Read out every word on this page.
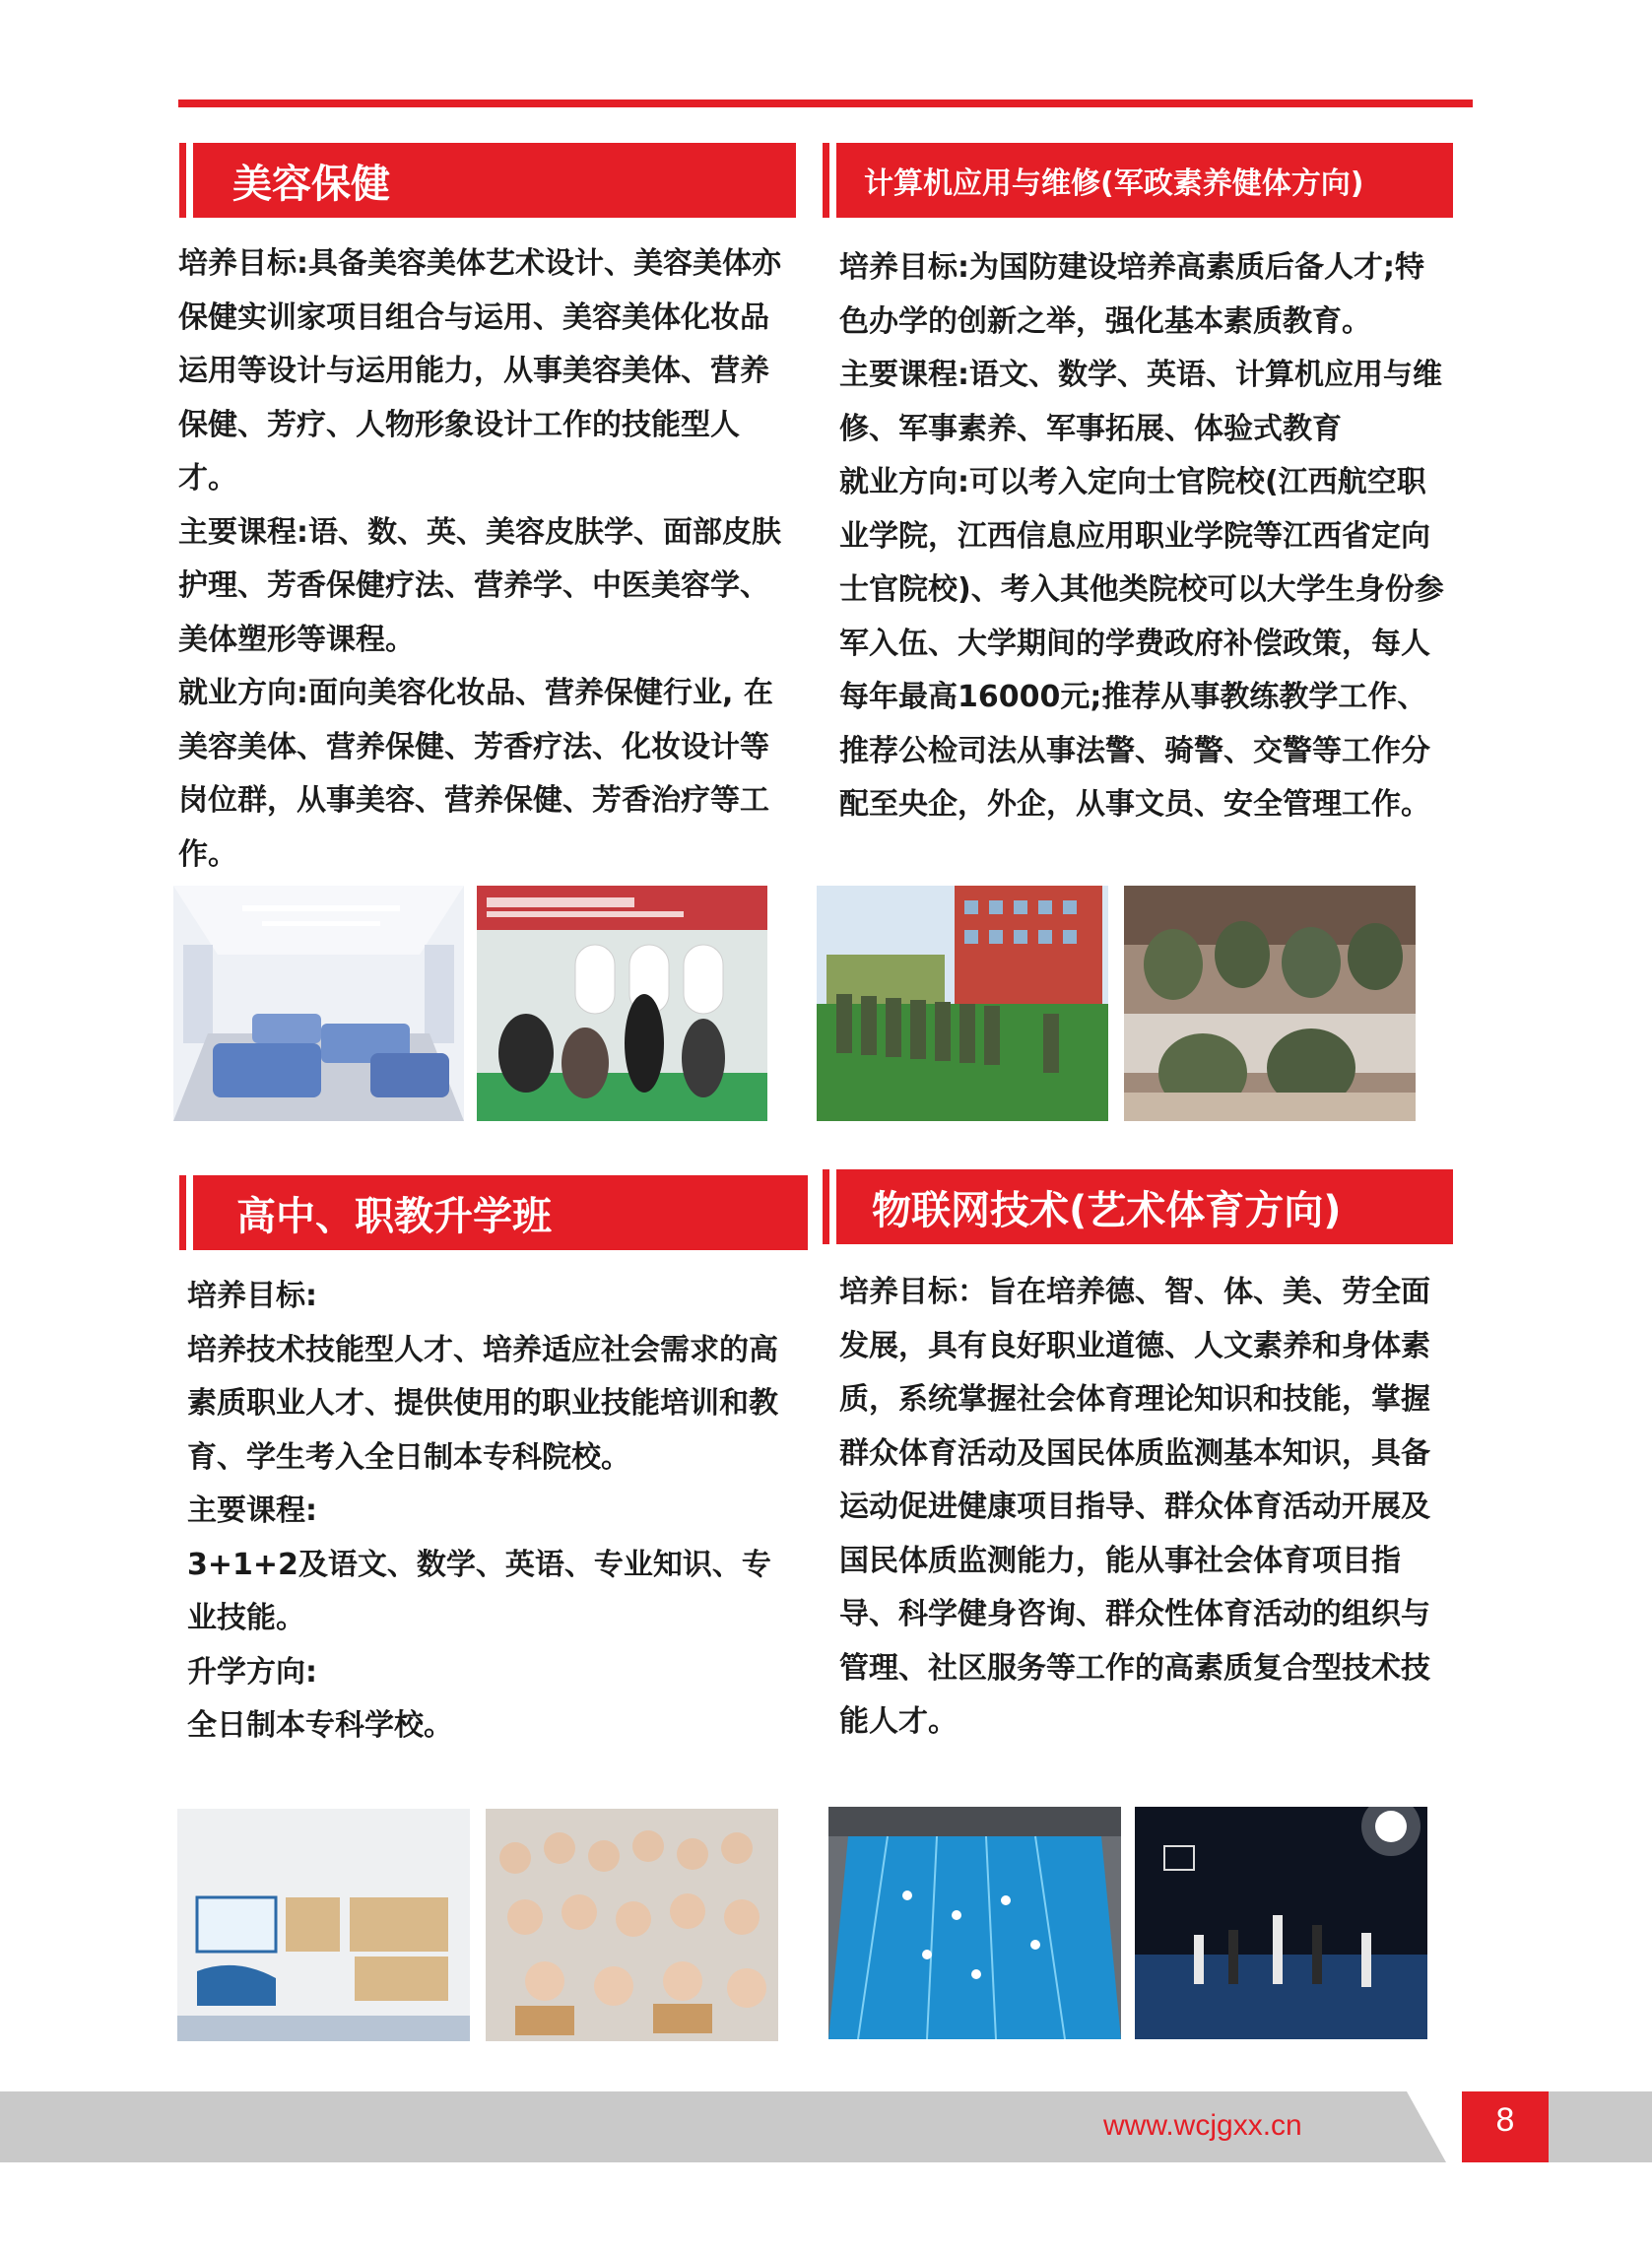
美容保健

培养目标:具备美容美体艺术设计、美容美体亦保健实训家项目组合与运用、美容美体化妆品运用等设计与运用能力，从事美容美体、营养保健、芳疗、人物形象设计工作的技能型人才。

主要课程:语、数、英、美容皮肤学、面部皮肤护理、芳香保健疗法、营养学、中医美容学、美体塑形等课程。

就业方向:面向美容化妆品、营养保健行业, 在美容美体、营养保健、芳香疗法、化妆设计等岗位群，从事美容、营养保健、芳香治疗等工作。

计算机应用与维修(军政素养健体方向)

培养目标:为国防建设培养高素质后备人才;特色办学的创新之举，强化基本素质教育。

主要课程:语文、数学、英语、计算机应用与维修、军事素养、军事拓展、体验式教育

就业方向:可以考入定向士官院校(江西航空职业学院，江西信息应用职业学院等江西省定向士官院校)、考入其他类院校可以大学生身份参军入伍、大学期间的学费政府补偿政策，每人每年最高16000元;推荐从事教练教学工作、推荐公检司法从事法警、骑警、交警等工作分配至央企，外企，从事文员、安全管理工作。

高中、职教升学班

培养目标:

培养技术技能型人才、培养适应社会需求的高素质职业人才、提供使用的职业技能培训和教育、学生考入全日制本专科院校。

主要课程:

3+1+2及语文、数学、英语、专业知识、专业技能。

升学方向:

全日制本专科学校。

物联网技术(艺术体育方向)

培养目标：旨在培养德、智、体、美、劳全面发展，具有良好职业道德、人文素养和身体素质，系统掌握社会体育理论知识和技能，掌握群众体育活动及国民体质监测基本知识，具备运动促进健康项目指导、群众体育活动开展及国民体质监测能力，能从事社会体育项目指导、科学健身咨询、群众性体育活动的组织与管理、社区服务等工作的高素质复合型技术技能人才。

www.wcjgxx.cn	8
